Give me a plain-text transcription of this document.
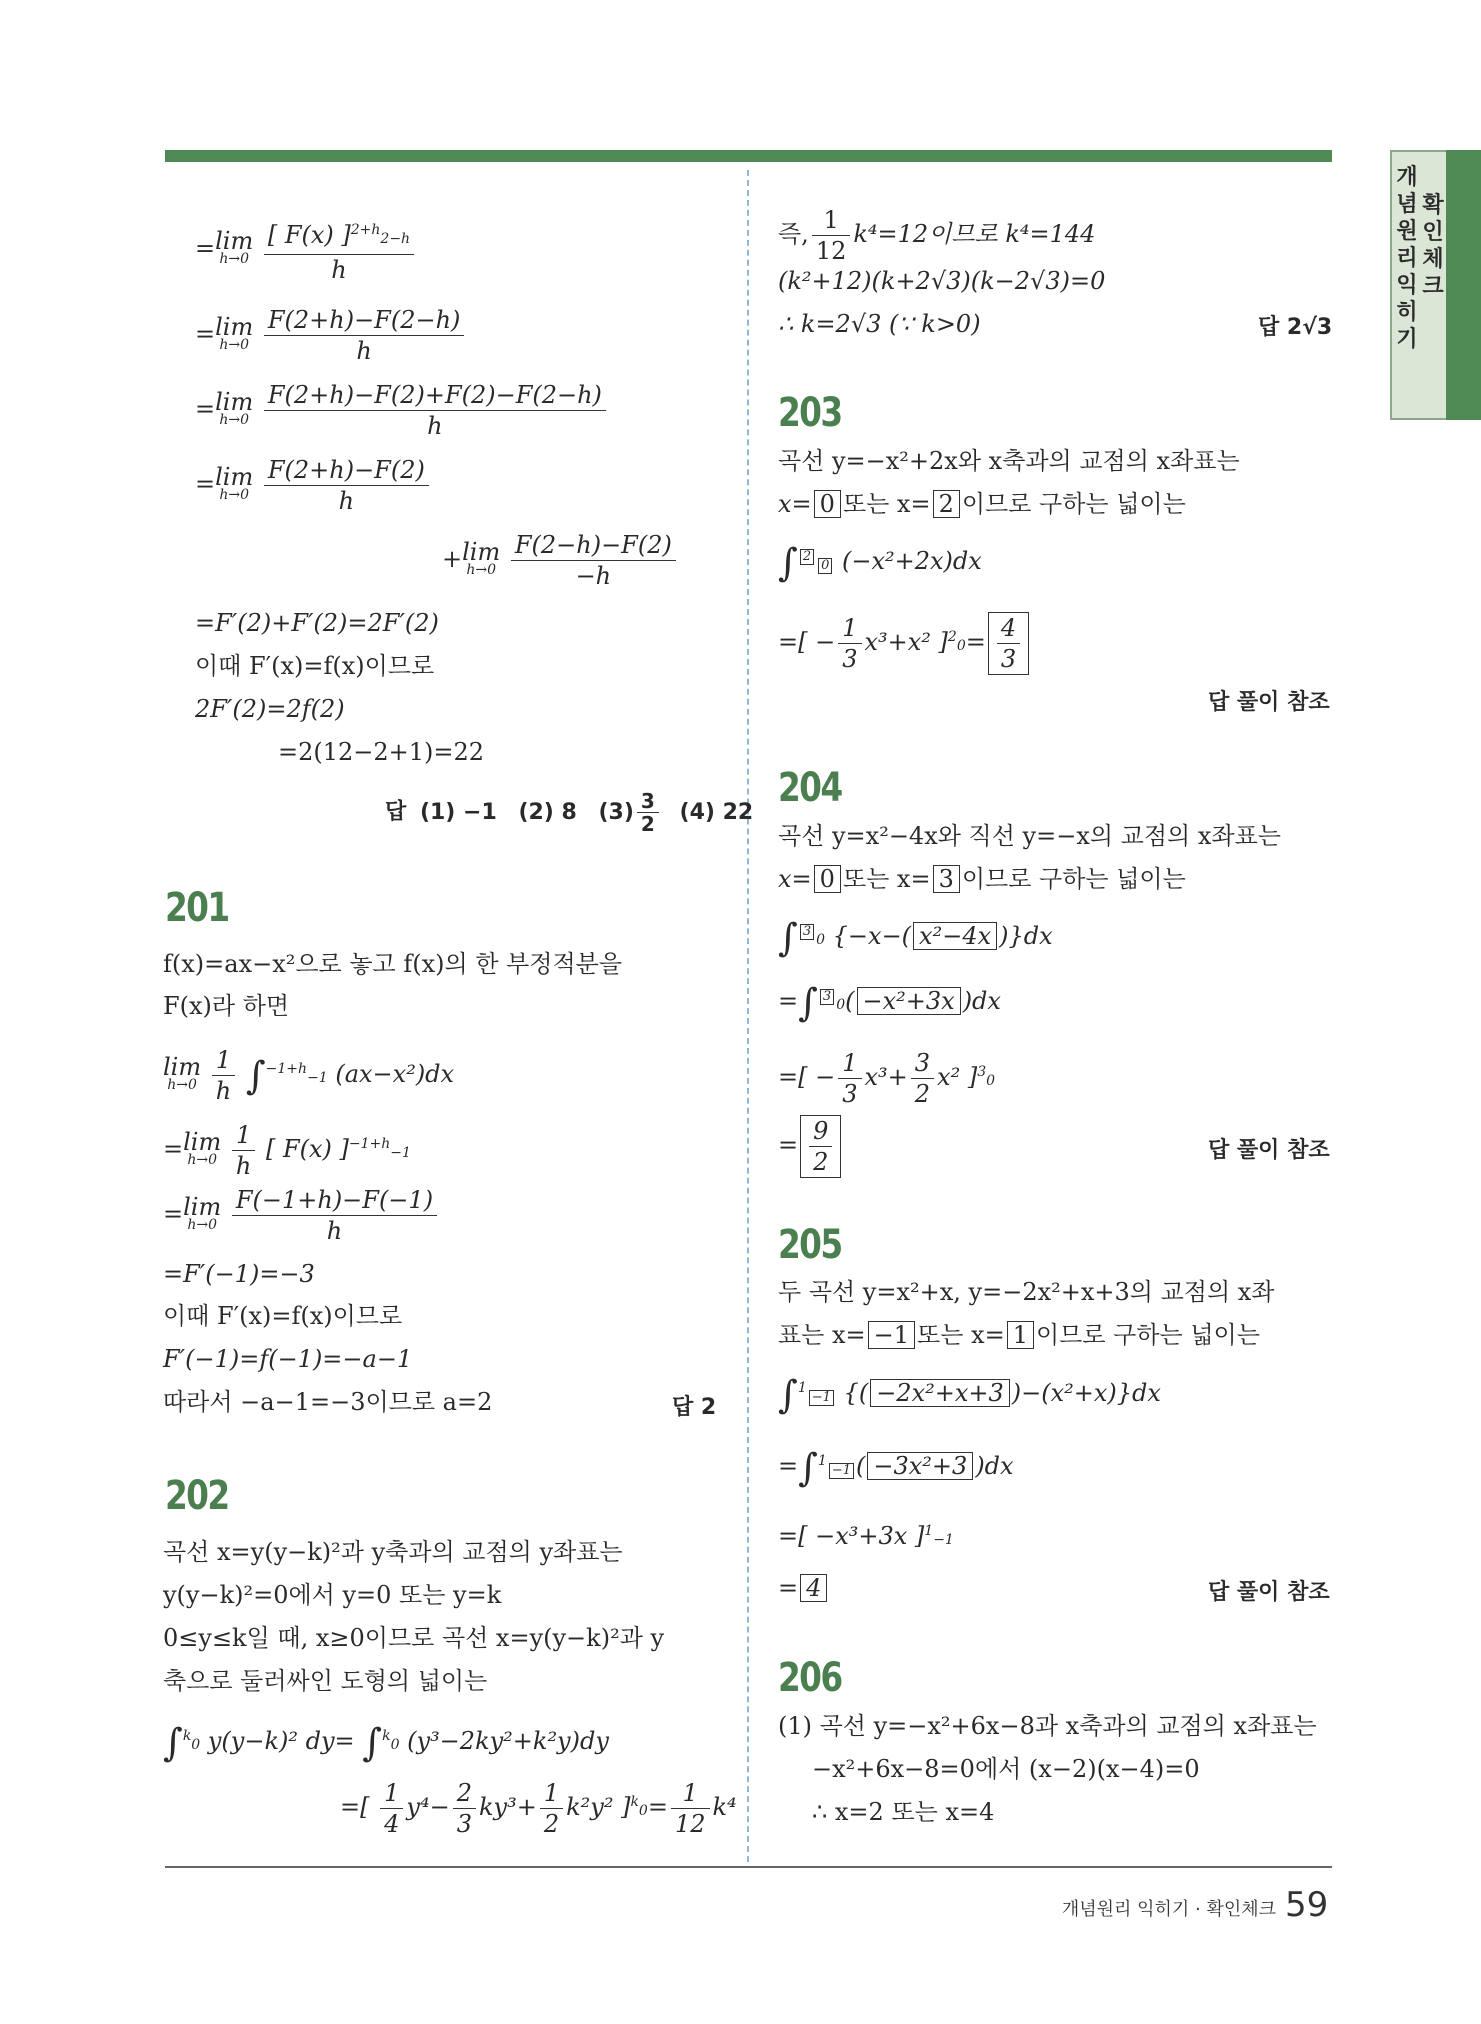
개
념
원
리
익
히
기
확
인
체
크
=lim
h→0
$\frac{[ F(x) ]^{2+h}2-h}{h}$
=lim
h→0
$\frac{F(2+h)-F(2-h)}{h}$
=lim
h→0
$\frac{F(2+h)-F(2)+F(2)-F(2-h)}{h}$
=lim
h→0
$\frac{F(2+h)-F(2)}{h}$
+lim
h→0
$\frac{F(2-h)-F(2)}{-h}$
=F′(2)+F′(2)=2F′(2)
이때 F′(x)=f(x)이므로
2F′(2)=2f(2)
=2(12−2+1)=22
답 (1) −1 (2) 8 $(3) \frac{3}{2} (4)$ 22
201
f(x)=ax−x²으로 놓고 f(x)의 한 부정적분을
F(x)라 하면
lim
h→0
$\frac{1}{h} \int^{-1+h}-1$ (ax−x²)dx
=lim
h→0
$\frac{1}{h}$ [ F(x) ]$^{-1+h}$−1
=lim
h→0
$\frac{F(-1+h)-F(-1)}{h}$
=F′(−1)=−3
이때 F′(x)=f(x)이므로
F′(−1)=f(−1)=−a−1
따라서 −a−1=−3이므로 a=2	답 2
202
곡선 x=y(y−k)²과 y축과의 교점의 y좌표는
y(y−k)²=0에서 y=0 또는 y=k
0≤y≤k일 때, x≥0이므로 곡선 x=y(y−k)²과 y
축으로 둘러싸인 도형의 넓이는
∫$^k$0 y(y−k)² dy= ∫$^k$0 (y³−2ky²+k²y)dy
=[ $\frac{1}{4} y^4- \frac{2}{3} ky^3+ \frac{1}{2} k^2y^2$ ]$^k0= \frac{1}{12} k^4$
즉, $\frac{1}{12} k^4=12$이므로 k⁴=144
(k²+12)(k+2√3)(k−2√3)=0
∴ k=2√3 (∵ k>0)	답 2√3
203
곡선 y=−x²+2x와 x축과의 교점의 x좌표는
x= 0 또는 x= 2 이므로 구하는 넓이는
∫ 20 (−x²+2x)dx
=[ − $\frac{1}{3} x^3+x^2$ ]$^20= \frac{4}{3}$
답 풀이 참조
204
곡선 y=x²−4x와 직선 y=−x의 교점의 x좌표는
x= 0 또는 x= 3 이므로 구하는 넓이는
∫ 30 {−x−( x²−4x )}dx
=∫ 30( −x²+3x )dx
=[ − $\frac{1}{3} x^3+ \frac{3}{2} x^2$ ]$^3$0
= $\frac{9}{2}$	답 풀이 참조
205
두 곡선 y=x²+x, y=−2x²+x+3의 교점의 x좌
표는 x= −1 또는 x= 1 이므로 구하는 넓이는
∫$^1$−1 {( −2x²+x+3 )−(x²+x)}dx
=∫$^1$−1 ( −3x²+3 )dx
=[ −x³+3x ]$^1$−1
= 4	답 풀이 참조
206
(1) 곡선 y=−x²+6x−8과 x축과의 교점의 x좌표는
−x²+6x−8=0에서 (x−2)(x−4)=0
∴ x=2 또는 x=4
개념원리 익히기 · 확인체크 59
